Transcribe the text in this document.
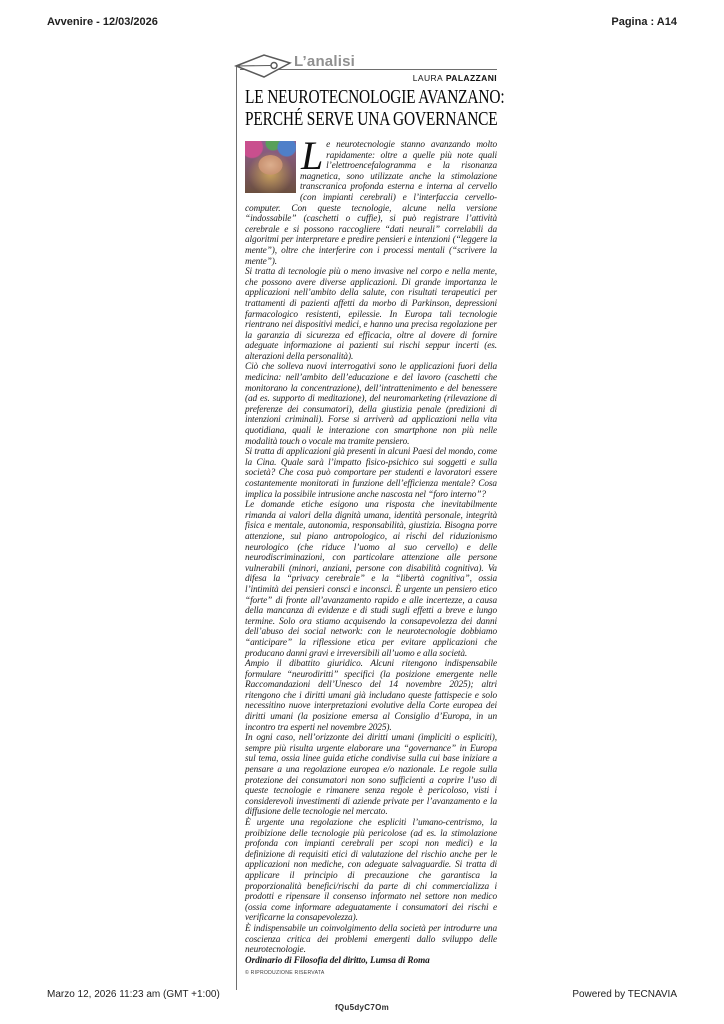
Avvenire - 12/03/2026	Pagina : A14
L’analisi
LAURA PALAZZANI
LE NEUROTECNOLOGIE AVANZANO:
PERCHÉ SERVE UNA GOVERNANCE

Le neurotecnologie stanno avanzando molto rapidamente: oltre a quelle più note quali l’elettroencefalogramma e la risonanza magnetica, sono utilizzate anche la stimolazione transcranica profonda esterna e interna al cervello (con impianti cerebrali) e l’interfaccia cervello-computer. Con queste tecnologie, alcune nella versione “indossabile” (caschetti o cuffie), si può registrare l’attività cerebrale e si possono raccogliere “dati neurali” correlabili da algoritmi per interpretare e predire pensieri e intenzioni (“leggere la mente”), oltre che interferire con i processi mentali (“scrivere la mente”).

Si tratta di tecnologie più o meno invasive nel corpo e nella mente, che possono avere diverse applicazioni. Di grande importanza le applicazioni nell’ambito della salute, con risultati terapeutici per trattamenti di pazienti affetti da morbo di Parkinson, depressioni farmacologico resistenti, epilessie. In Europa tali tecnologie rientrano nei dispositivi medici, e hanno una precisa regolazione per la garanzia di sicurezza ed efficacia, oltre al dovere di fornire adeguate informazione ai pazienti sui rischi seppur incerti (es. alterazioni della personalità).

Ciò che solleva nuovi interrogativi sono le applicazioni fuori della medicina: nell’ambito dell’educazione e del lavoro (caschetti che monitorano la concentrazione), dell’intrattenimento e del benessere (ad es. supporto di meditazione), del neuromarketing (rilevazione di preferenze dei consumatori), della giustizia penale (predizioni di intenzioni criminali). Forse si arriverà ad applicazioni nella vita quotidiana, quali le interazione con smartphone non più nelle modalità touch o vocale ma tramite pensiero.

Si tratta di applicazioni già presenti in alcuni Paesi del mondo, come la Cina. Quale sarà l’impatto fisico-psichico sui soggetti e sulla società? Che cosa può comportare per studenti e lavoratori essere costantemente monitorati in funzione dell’efficienza mentale? Cosa implica la possibile intrusione anche nascosta nel “foro interno”?

Le domande etiche esigono una risposta che inevitabilmente rimanda ai valori della dignità umana, identità personale, integrità fisica e mentale, autonomia, responsabilità, giustizia. Bisogna porre attenzione, sul piano antropologico, ai rischi del riduzionismo neurologico (che riduce l’uomo al suo cervello) e delle neurodiscriminazioni, con particolare attenzione alle persone vulnerabili (minori, anziani, persone con disabilità cognitiva). Va difesa la “privacy cerebrale” e la “libertà cognitiva”, ossia l’intimità dei pensieri consci e inconsci. È urgente un pensiero etico “forte” di fronte all’avanzamento rapido e alle incertezze, a causa della mancanza di evidenze e di studi sugli effetti a breve e lungo termine. Solo ora stiamo acquisendo la consapevolezza dei danni dell’abuso dei social network: con le neurotecnologie dobbiamo “anticipare” la riflessione etica per evitare applicazioni che producano danni gravi e irreversibili all’uomo e alla società.

Ampio il dibattito giuridico. Alcuni ritengono indispensabile formulare “neurodiritti” specifici (la posizione emergente nelle Raccomandazioni dell’Unesco del 14 novembre 2025); altri ritengono che i diritti umani già includano queste fattispecie e solo necessitino nuove interpretazioni evolutive della Corte europea dei diritti umani (la posizione emersa al Consiglio d’Europa, in un incontro tra esperti nel novembre 2025).

In ogni caso, nell’orizzonte dei diritti umani (impliciti o espliciti), sempre più risulta urgente elaborare una “governance” in Europa sul tema, ossia linee guida etiche condivise sulla cui base iniziare a pensare a una regolazione europea e/o nazionale. Le regole sulla protezione dei consumatori non sono sufficienti a coprire l’uso di queste tecnologie e rimanere senza regole è pericoloso, visti i considerevoli investimenti di aziende private per l’avanzamento e la diffusione delle tecnologie nel mercato.

È urgente una regolazione che espliciti l’umano-centrismo, la proibizione delle tecnologie più pericolose (ad es. la stimolazione profonda con impianti cerebrali per scopi non medici) e la definizione di requisiti etici di valutazione del rischio anche per le applicazioni non mediche, con adeguate salvaguardie. Si tratta di applicare il principio di precauzione che garantisca la proporzionalità benefici/rischi da parte di chi commercializza i prodotti e ripensare il consenso informato nel settore non medico (ossia come informare adeguatamente i consumatori dei rischi e verificarne la consapevolezza).

È indispensabile un coinvolgimento della società per introdurre una coscienza critica dei problemi emergenti dallo sviluppo delle neurotecnologie.

Ordinario di Filosofia del diritto, Lumsa di Roma

© RIPRODUZIONE RISERVATA
Marzo 12, 2026 11:23 am (GMT +1:00)	Powered by TECNAVIA
fQu5dyC7Om
